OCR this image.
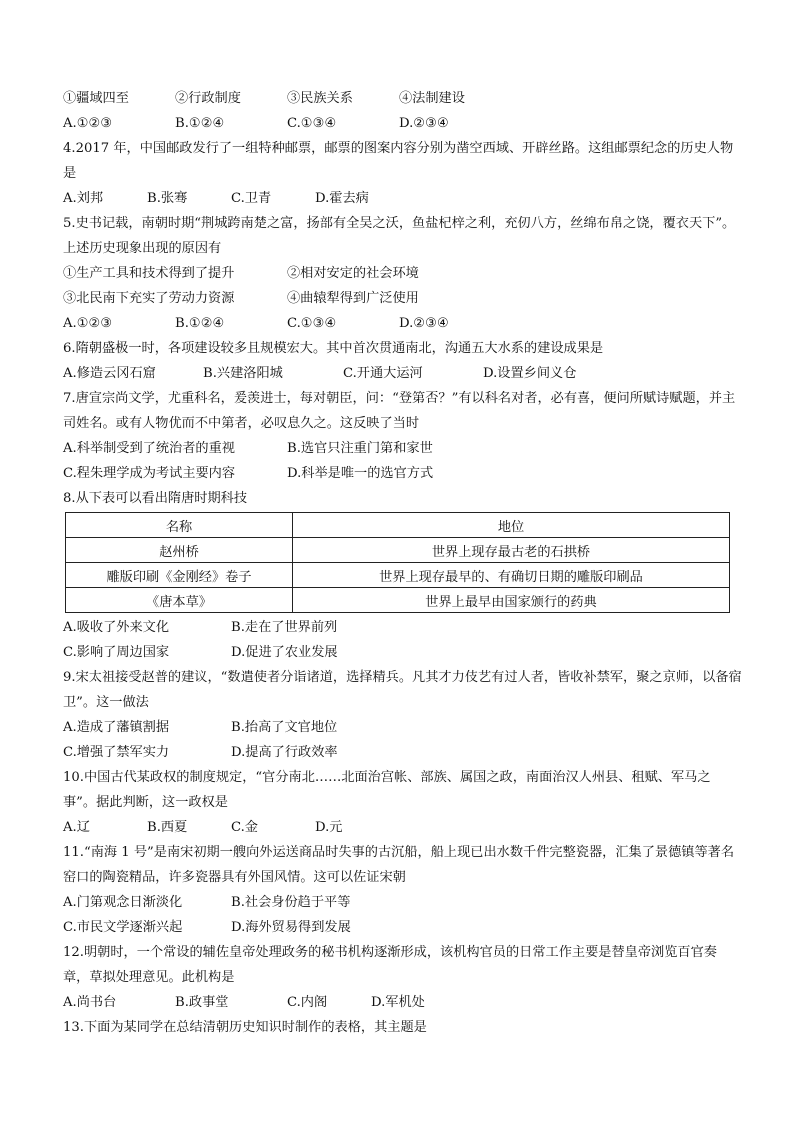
①疆域四至	②行政制度	③民族关系	④法制建设
A.①②③	B.①②④	C.①③④	D.②③④
4.2017 年，中国邮政发行了一组特种邮票，邮票的图案内容分别为凿空西域、开辟丝路。这组邮票纪念的历史人物是
A.刘邦	B.张骞	C.卫青	D.霍去病
5.史书记载，南朝时期“荆城跨南楚之富，扬部有全吴之沃，鱼盐杞梓之利，充仞八方，丝绵布帛之饶，覆衣天下”。上述历史现象出现的原因有
①生产工具和技术得到了提升	②相对安定的社会环境
③北民南下充实了劳动力资源	④曲辕犁得到广泛使用
A.①②③	B.①②④	C.①③④	D.②③④
6.隋朝盛极一时，各项建设较多且规模宏大。其中首次贯通南北，沟通五大水系的建设成果是
A.修造云冈石窟	B.兴建洛阳城	C.开通大运河	D.设置乡间义仓
7.唐宣宗尚文学，尤重科名，爰羡进士，每对朝臣，问：“登第否？”有以科名对者，必有喜，便问所赋诗赋题，并主司姓名。或有人物优而不中第者，必叹息久之。这反映了当时
A.科举制受到了统治者的重视	B.选官只注重门第和家世
C.程朱理学成为考试主要内容	D.科举是唯一的选官方式
8.从下表可以看出隋唐时期科技
名称	地位
赵州桥	世界上现存最古老的石拱桥
雕版印刷《金刚经》卷子	世界上现存最早的、有确切日期的雕版印刷品
《唐本草》	世界上最早由国家颁行的药典
A.吸收了外来文化	B.走在了世界前列
C.影响了周边国家	D.促进了农业发展
9.宋太祖接受赵普的建议，“数遣使者分诣诸道，选择精兵。凡其才力伎艺有过人者，皆收补禁军，聚之京师，以备宿卫”。这一做法
A.造成了藩镇割据	B.抬高了文官地位
C.增强了禁军实力	D.提高了行政效率
10.中国古代某政权的制度规定，“官分南北……北面治宫帐、部族、属国之政，南面治汉人州县、租赋、军马之事”。据此判断，这一政权是
A.辽	B.西夏	C.金	D.元
11.“南海 1 号”是南宋初期一艘向外运送商品时失事的古沉船，船上现已出水数千件完整瓷器，汇集了景德镇等著名窑口的陶瓷精品，许多瓷器具有外国风情。这可以佐证宋朝
A.门第观念日渐淡化	B.社会身份趋于平等
C.市民文学逐渐兴起	D.海外贸易得到发展
12.明朝时，一个常设的辅佐皇帝处理政务的秘书机构逐渐形成，该机构官员的日常工作主要是替皇帝浏览百官奏章，草拟处理意见。此机构是
A.尚书台	B.政事堂	C.内阁	D.军机处
13.下面为某同学在总结清朝历史知识时制作的表格，其主题是
